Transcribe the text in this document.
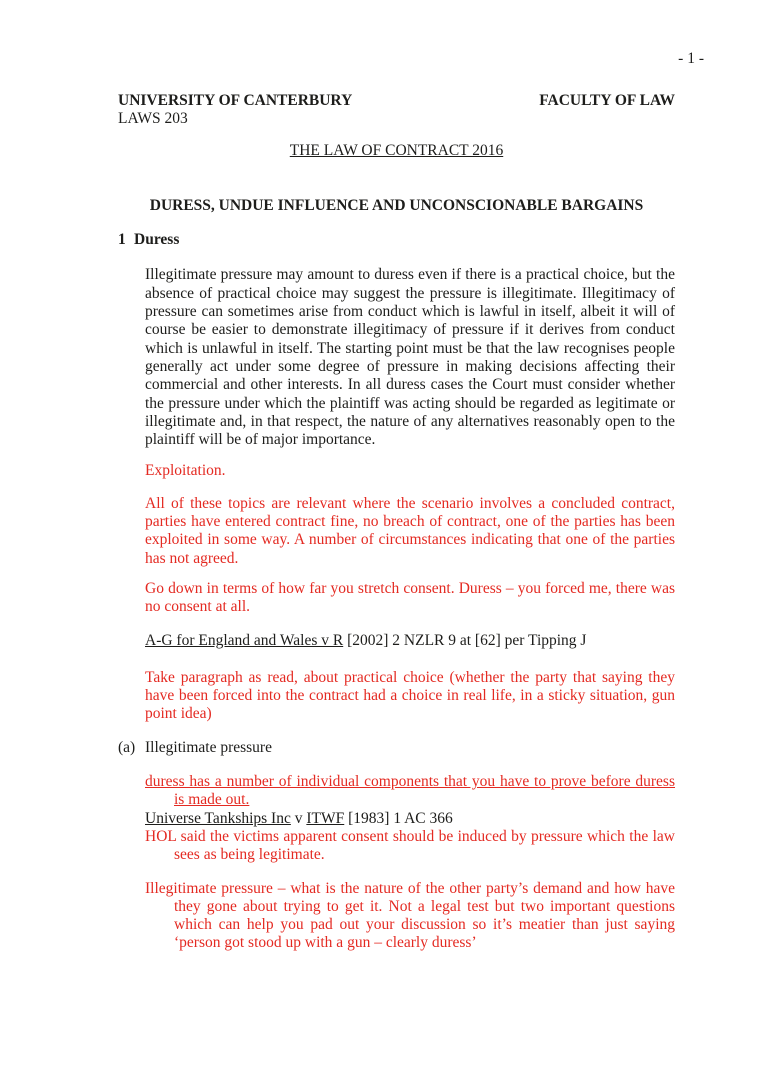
- 1 -
UNIVERSITY OF CANTERBURY	FACULTY OF LAW
LAWS 203
THE LAW OF CONTRACT 2016
DURESS, UNDUE INFLUENCE AND UNCONSCIONABLE BARGAINS
1 Duress
Illegitimate pressure may amount to duress even if there is a practical choice, but the absence of practical choice may suggest the pressure is illegitimate. Illegitimacy of pressure can sometimes arise from conduct which is lawful in itself, albeit it will of course be easier to demonstrate illegitimacy of pressure if it derives from conduct which is unlawful in itself. The starting point must be that the law recognises people generally act under some degree of pressure in making decisions affecting their commercial and other interests. In all duress cases the Court must consider whether the pressure under which the plaintiff was acting should be regarded as legitimate or illegitimate and, in that respect, the nature of any alternatives reasonably open to the plaintiff will be of major importance.
Exploitation.
All of these topics are relevant where the scenario involves a concluded contract, parties have entered contract fine, no breach of contract, one of the parties has been exploited in some way. A number of circumstances indicating that one of the parties has not agreed.
Go down in terms of how far you stretch consent. Duress – you forced me, there was no consent at all.
A-G for England and Wales v R [2002] 2 NZLR 9 at [62] per Tipping J
Take paragraph as read, about practical choice (whether the party that saying they have been forced into the contract had a choice in real life, in a sticky situation, gun point idea)
(a) Illegitimate pressure
duress has a number of individual components that you have to prove before duress is made out.
Universe Tankships Inc v ITWF [1983] 1 AC 366
HOL said the victims apparent consent should be induced by pressure which the law sees as being legitimate.
Illegitimate pressure – what is the nature of the other party’s demand and how have they gone about trying to get it. Not a legal test but two important questions which can help you pad out your discussion so it’s meatier than just saying ‘person got stood up with a gun – clearly duress’
